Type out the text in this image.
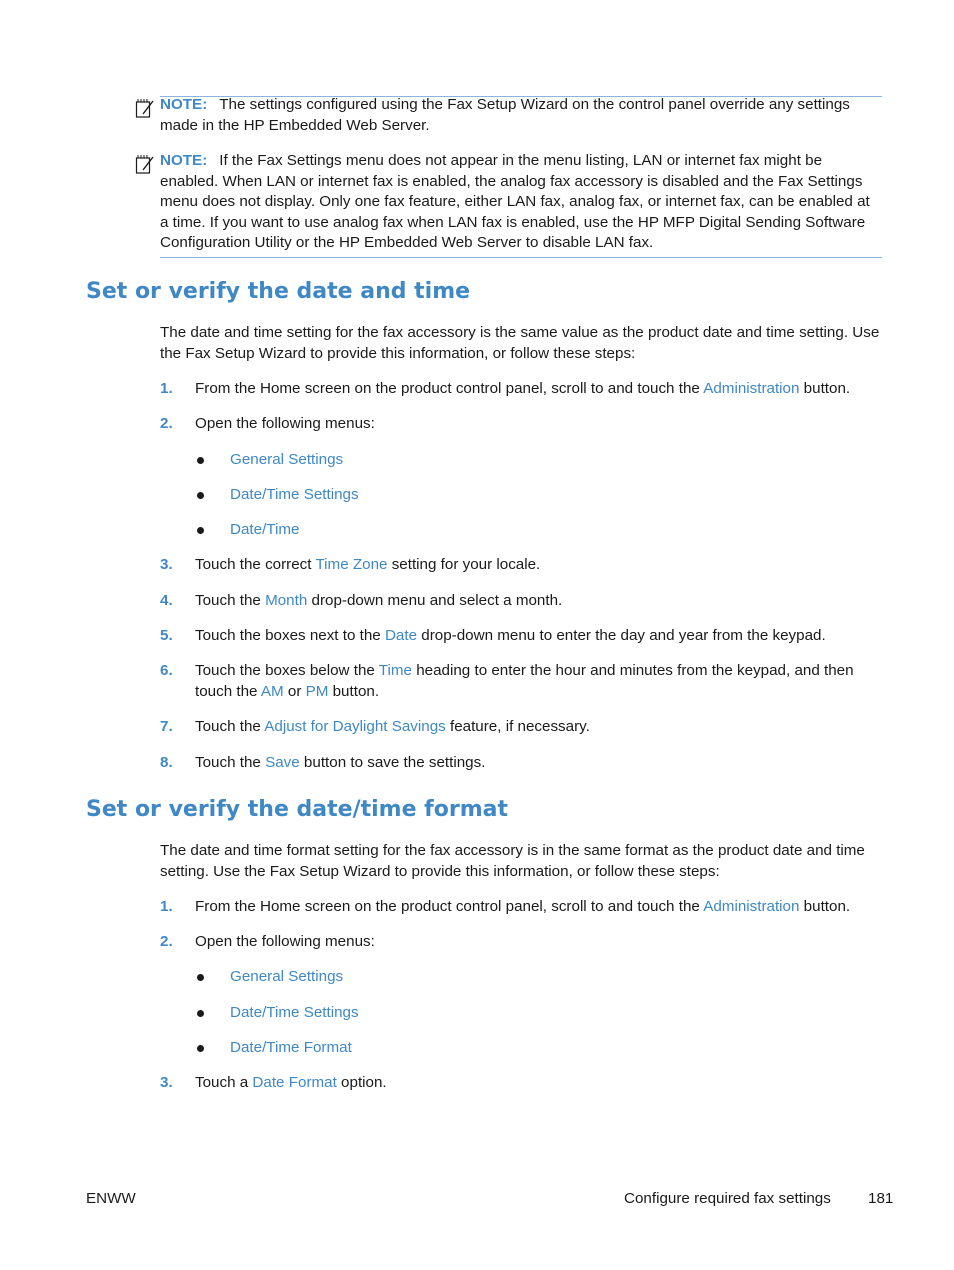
NOTE: The settings configured using the Fax Setup Wizard on the control panel override any settings made in the HP Embedded Web Server.

NOTE: If the Fax Settings menu does not appear in the menu listing, LAN or internet fax might be enabled. When LAN or internet fax is enabled, the analog fax accessory is disabled and the Fax Settings menu does not display. Only one fax feature, either LAN fax, analog fax, or internet fax, can be enabled at a time. If you want to use analog fax when LAN fax is enabled, use the HP MFP Digital Sending Software Configuration Utility or the HP Embedded Web Server to disable LAN fax.

Set or verify the date and time

The date and time setting for the fax accessory is the same value as the product date and time setting. Use the Fax Setup Wizard to provide this information, or follow these steps:

1. From the Home screen on the product control panel, scroll to and touch the Administration button.

2. Open the following menus:

General Settings
Date/Time Settings
Date/Time
3. Touch the correct Time Zone setting for your locale.

4. Touch the Month drop-down menu and select a month.

5. Touch the boxes next to the Date drop-down menu to enter the day and year from the keypad.

6. Touch the boxes below the Time heading to enter the hour and minutes from the keypad, and then touch the AM or PM button.

7. Touch the Adjust for Daylight Savings feature, if necessary.

8. Touch the Save button to save the settings.

Set or verify the date/time format

The date and time format setting for the fax accessory is in the same format as the product date and time setting. Use the Fax Setup Wizard to provide this information, or follow these steps:

1. From the Home screen on the product control panel, scroll to and touch the Administration button.

2. Open the following menus:

General Settings
Date/Time Settings
Date/Time Format
3. Touch a Date Format option.

ENWW	Configure required fax settings 181
